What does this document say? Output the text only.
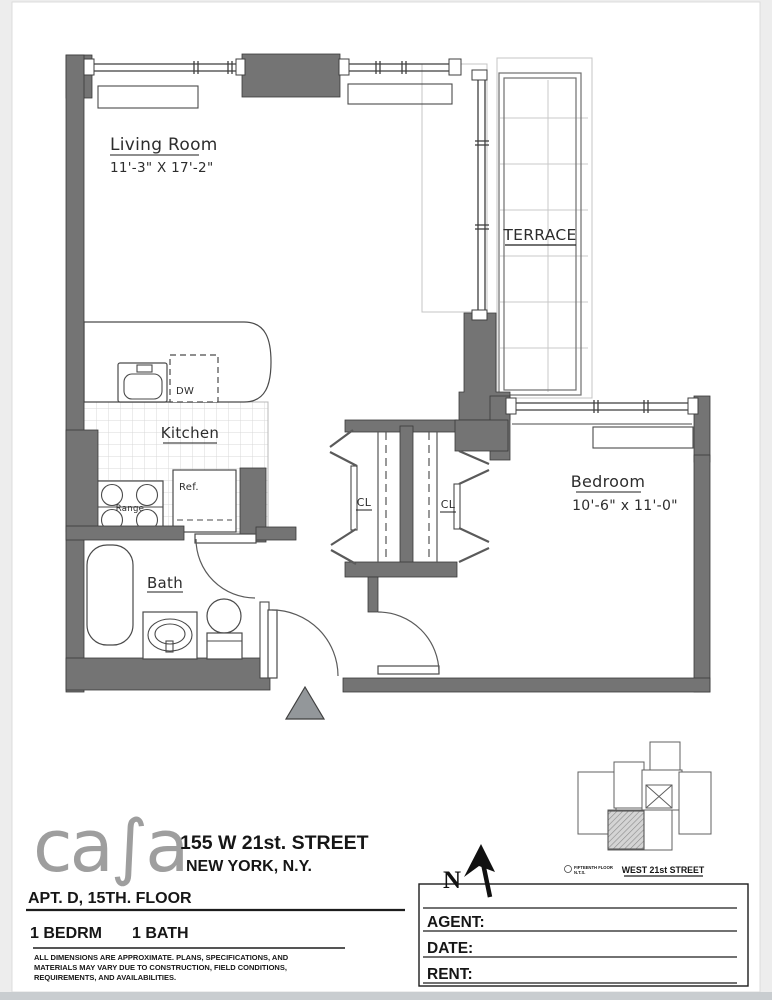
TERRACE
DW
Range
Ref.
Kitchen
CL	CL
Bath
Living Room
11'-3" X 17'-2"
Bedroom
10'-6" x 11'-0"
ca∫a
155 W 21st. STREET
NEW YORK, N.Y.
APT. D, 15TH. FLOOR
1 BEDRM 1 BATH
ALL DIMENSIONS ARE APPROXIMATE. PLANS, SPECIFICATIONS, AND
MATERIALS MAY VARY DUE TO CONSTRUCTION, FIELD CONDITIONS,
REQUIREMENTS, AND AVAILABILITIES.
AGENT:
DATE:
RENT:
N	FIFTEENTH FLOOR
N.T.S.	WEST 21st STREET
